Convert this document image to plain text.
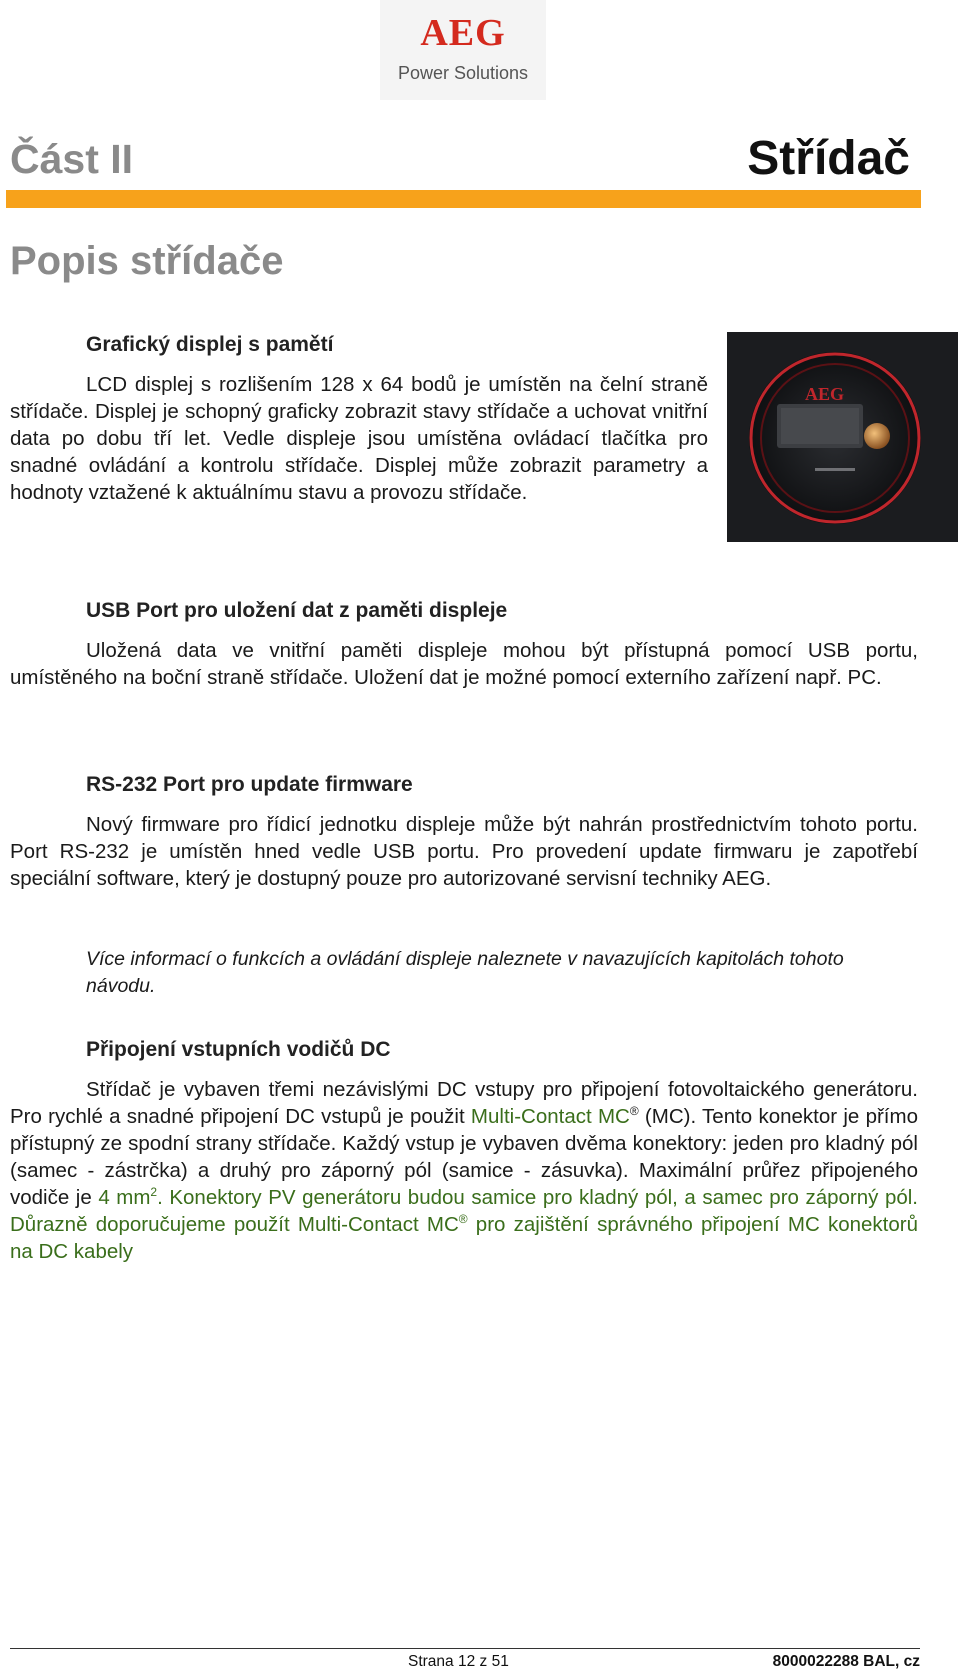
AEG
Power Solutions
Část II	Střídač
Popis střídače
AEG
Grafický displej s pamětí

LCD displej s rozlišením 128 x 64 bodů je umístěn na čelní straně střídače. Displej je schopný graficky zobrazit stavy střídače a uchovat vnitřní data po dobu tří let. Vedle displeje jsou umístěna ovládací tlačítka pro snadné ovládání a kontrolu střídače. Displej může zobrazit parametry a hodnoty vztažené k aktuálnímu stavu a provozu střídače.

USB Port pro uložení dat z paměti displeje

Uložená data ve vnitřní paměti displeje mohou být přístupná pomocí USB portu, umístěného na boční straně střídače. Uložení dat je možné pomocí externího zařízení např. PC.

RS-232 Port pro update firmware

Nový firmware pro řídicí jednotku displeje může být nahrán prostřednictvím tohoto portu. Port RS-232 je umístěn hned vedle USB portu. Pro provedení update firmwaru je zapotřebí speciální software, který je dostupný pouze pro autorizované servisní techniky AEG.

Více informací o funkcích a ovládání displeje naleznete v navazujících kapitolách tohoto návodu.

Připojení vstupních vodičů DC

Střídač je vybaven třemi nezávislými DC vstupy pro připojení fotovoltaického generátoru. Pro rychlé a snadné připojení DC vstupů je použit Multi-Contact MC® (MC). Tento konektor je přímo přístupný ze spodní strany střídače. Každý vstup je vybaven dvěma konektory: jeden pro kladný pól (samec - zástrčka) a druhý pro záporný pól (samice - zásuvka). Maximální průřez připojeného vodiče je 4 $mm^2$. Konektory PV generátoru budou samice pro kladný pól, a samec pro záporný pól. Důrazně doporučujeme použít Multi-Contact MC® pro zajištění správného připojení MC konektorů na DC kabely

Strana 12 z 51	8000022288 BAL, cz
